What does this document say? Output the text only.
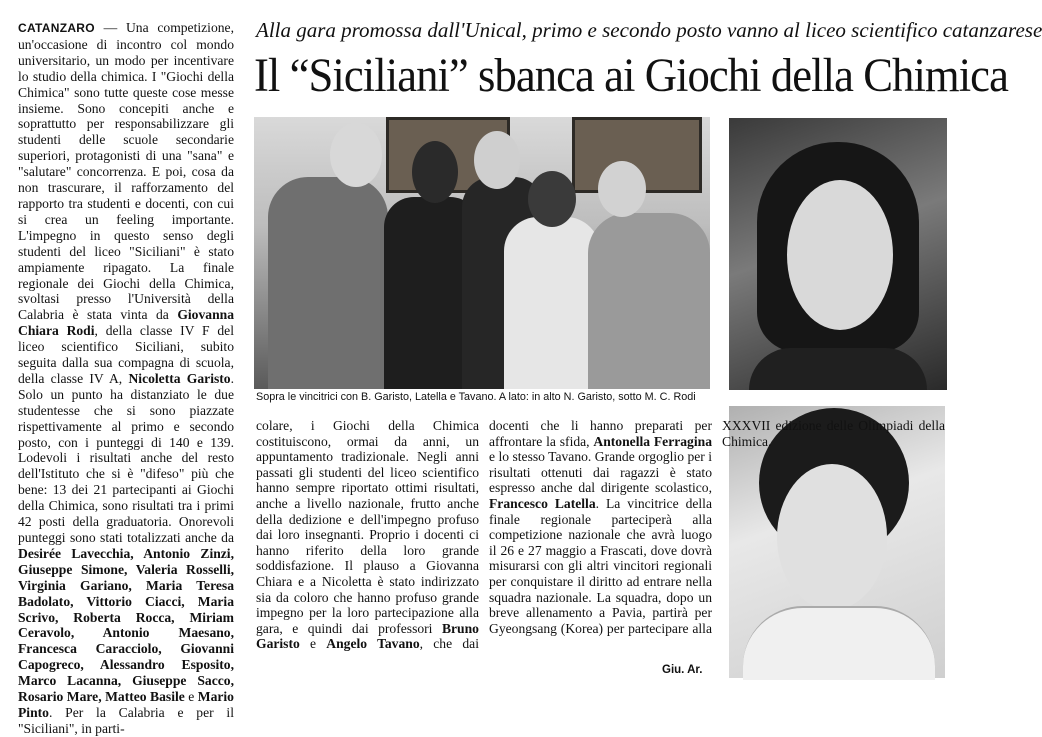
Alla gara promossa dall'Unical, primo e secondo posto vanno al liceo scientifico catanzarese
Il “Siciliani” sbanca ai Giochi della Chimica
CATANZARO — Una competizione, un'occasione di incontro col mondo universitario, un modo per incentivare lo studio della chimica. I "Giochi della Chimica" sono tutte queste cose messe insieme. Sono concepiti anche e soprattutto per responsabilizzare gli studenti delle scuole secondarie superiori, protagonisti di una "sana" e "salutare" concorrenza. E poi, cosa da non trascurare, il rafforzamento del rapporto tra studenti e docenti, con cui si crea un feeling importante. L'impegno in questo senso degli studenti del liceo "Siciliani" è stato ampiamente ripagato. La finale regionale dei Giochi della Chimica, svoltasi presso l'Università della Calabria è stata vinta da Giovanna Chiara Rodi, della classe IV F del liceo scientifico Siciliani, subito seguita dalla sua compagna di scuola, della classe IV A, Nicoletta Garisto. Solo un punto ha distanziato le due studentesse che si sono piazzate rispettivamente al primo e secondo posto, con i punteggi di 140 e 139. Lodevoli i risultati anche del resto dell'Istituto che si è "difeso" più che bene: 13 dei 21 partecipanti ai Giochi della Chimica, sono risultati tra i primi 42 posti della graduatoria. Onorevoli punteggi sono stati totalizzati anche da Desirée Lavecchia, Antonio Zinzi, Giuseppe Simone, Valeria Rosselli, Virginia Gariano, Maria Teresa Badolato, Vittorio Ciacci, Maria Scrivo, Roberta Rocca, Miriam Ceravolo, Antonio Maesano, Francesca Caracciolo, Giovanni Capogreco, Alessandro Esposito, Marco Lacanna, Giuseppe Sacco, Rosario Mare, Matteo Basile e Mario Pinto. Per la Calabria e per il "Siciliani", in parti-
Sopra le vincitrici con B. Garisto, Latella e Tavano. A lato: in alto N. Garisto, sotto M. C. Rodi
Giu. Ar.
colare, i Giochi della Chimica costituiscono, ormai da anni, un appuntamento tradizionale. Negli anni passati gli studenti del liceo scientifico hanno sempre riportato ottimi risultati, anche a livello nazionale, frutto anche della dedizione e dell'impegno profuso dai loro insegnanti. Proprio i docenti ci hanno riferito della loro grande soddisfazione. Il plauso a Giovanna Chiara e a Nicoletta è stato indirizzato sia da coloro che hanno profuso grande impegno per la loro partecipazione alla gara, e quindi dai professori Bruno Garisto e Angelo Tavano, che dai docenti che li hanno preparati per affrontare la sfida, Antonella Ferragina e lo stesso Tavano. Grande orgoglio per i risultati ottenuti dai ragazzi è stato espresso anche dal dirigente scolastico, Francesco Latella. La vincitrice della finale regionale parteciperà alla competizione nazionale che avrà luogo il 26 e 27 maggio a Frascati, dove dovrà misurarsi con gli altri vincitori regionali per conquistare il diritto ad entrare nella squadra nazionale. La squadra, dopo un breve allenamento a Pavia, partirà per Gyeongsang (Korea) per partecipare alla XXXVII edizione delle Olimpiadi della Chimica.
